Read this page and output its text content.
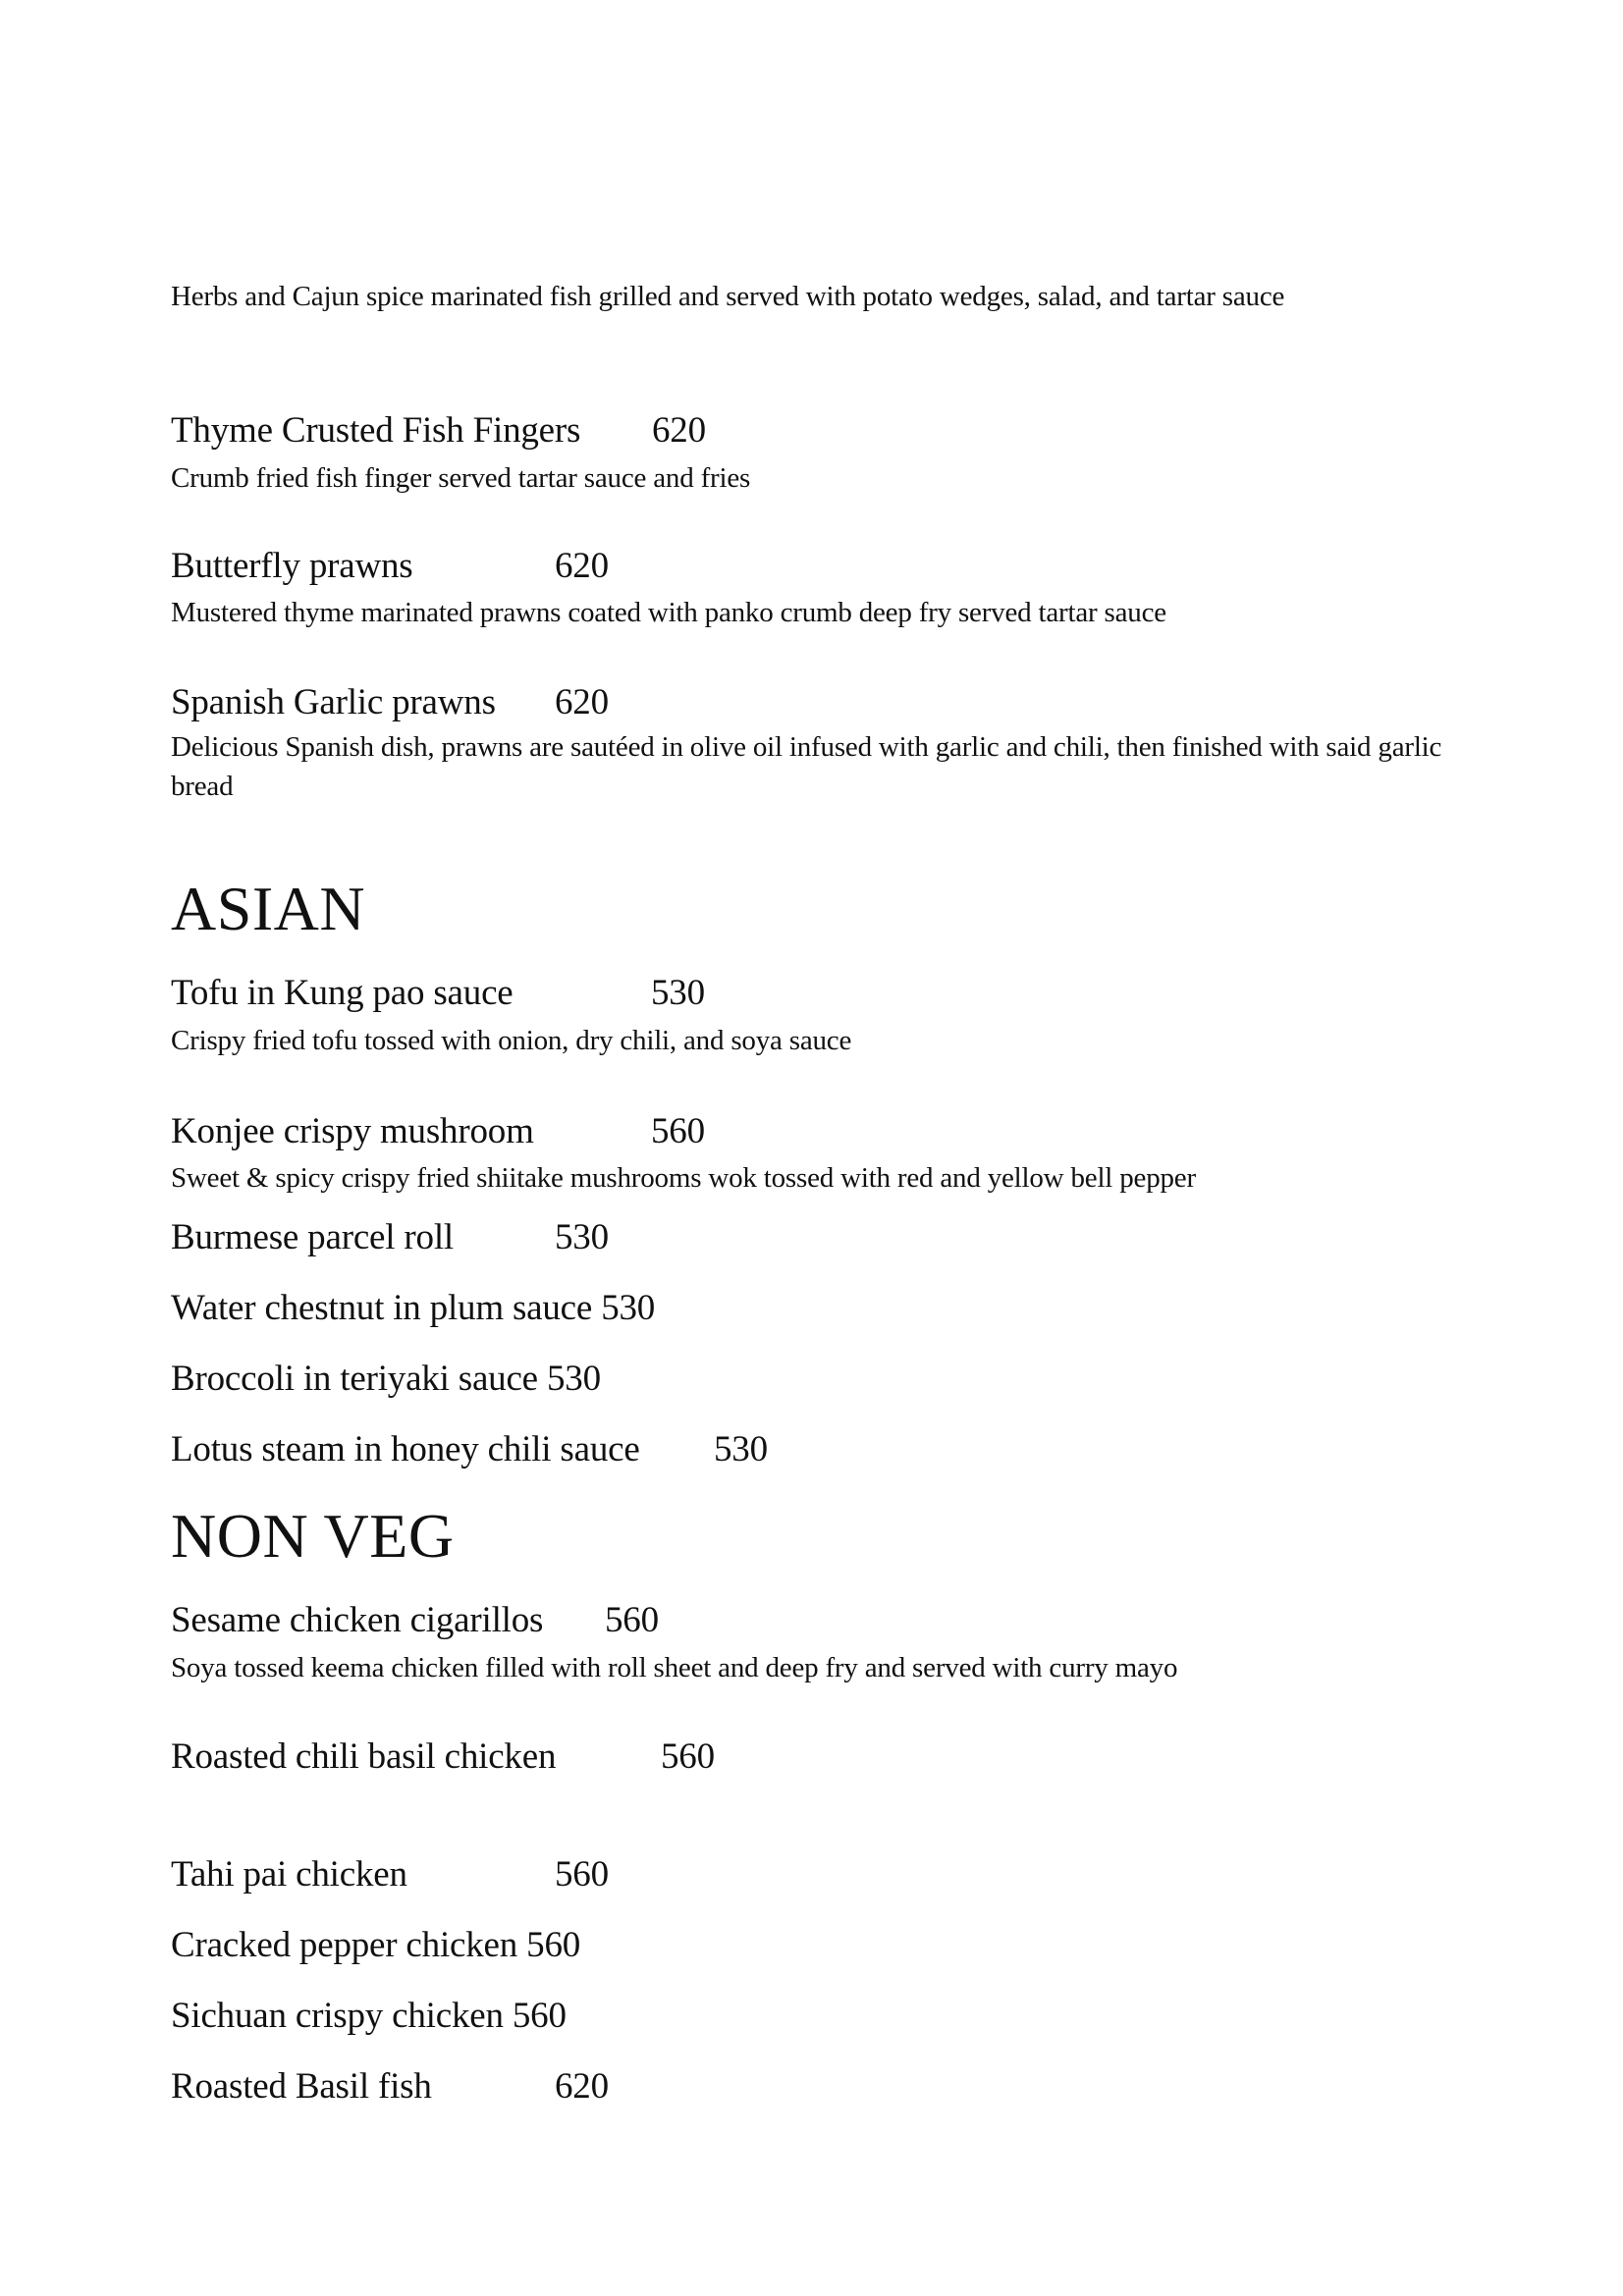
Herbs and Cajun spice marinated fish grilled and served with potato wedges, salad, and tartar sauce

Thyme Crusted Fish Fingers 620

Crumb fried fish finger served tartar sauce and fries

Butterfly prawns	620

Mustered thyme marinated prawns coated with panko crumb deep fry served tartar sauce

Spanish Garlic prawns 620

Delicious Spanish dish, prawns are sautéed in olive oil infused with garlic and chili, then finished with said garlic bread

ASIAN
Tofu in Kung pao sauce	530

Crispy fried tofu tossed with onion, dry chili, and soya sauce

Konjee crispy mushroom	560

Sweet & spicy crispy fried shiitake mushrooms wok tossed with red and yellow bell pepper

Burmese parcel roll	530
Water chestnut in plum sauce 530
Broccoli in teriyaki sauce 530
Lotus steam in honey chili sauce 530
NON VEG
Sesame chicken cigarillos 560

Soya tossed keema chicken filled with roll sheet and deep fry and served with curry mayo

Roasted chili basil chicken	560
Tahi pai chicken	560
Cracked pepper chicken 560
Sichuan crispy chicken 560
Roasted Basil fish	620
